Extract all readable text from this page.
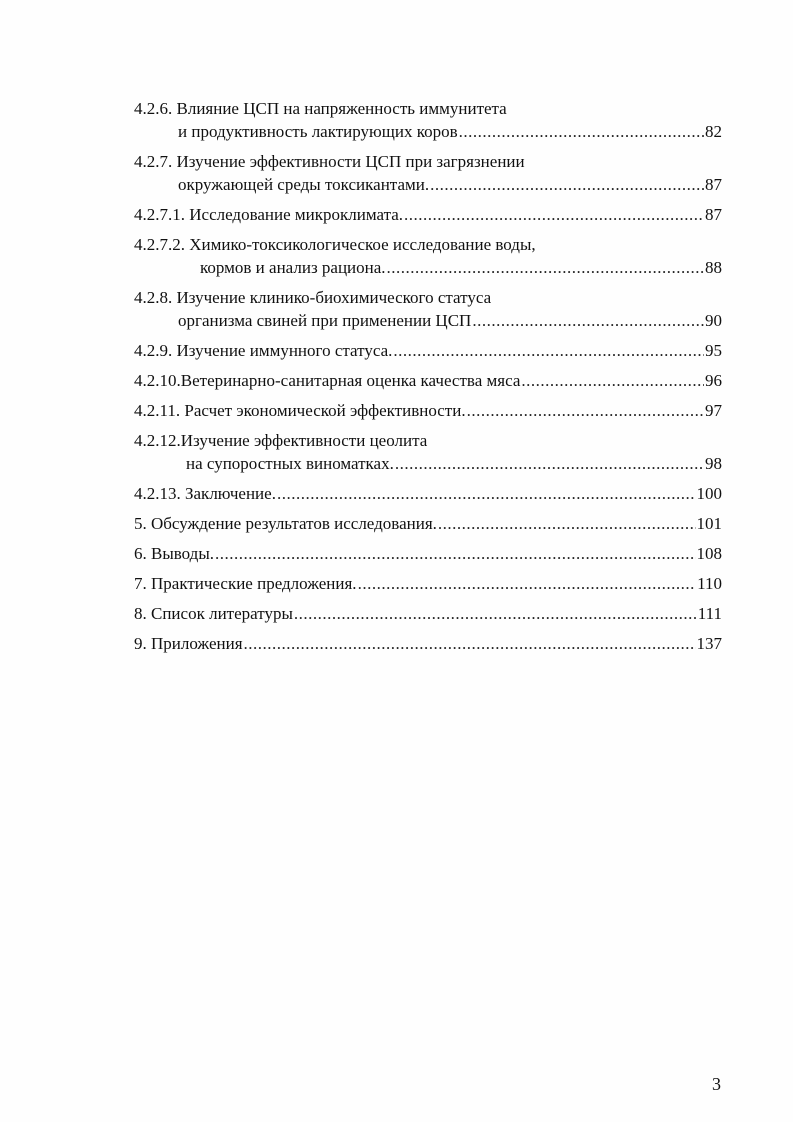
4.2.6. Влияние ЦСП на напряженность иммунитета
и продуктивность лактирующих коров .....	82
4.2.7. Изучение эффективности ЦСП при загрязнении
окружающей среды токсикантами. .....	87
4.2.7.1. Исследование микроклимата. .....	87
4.2.7.2. Химико-токсикологическое исследование воды,
кормов и анализ рациона. .....	88
4.2.8. Изучение клинико-биохимического статуса
организма свиней при применении ЦСП .....	90
4.2.9. Изучение иммунного статуса. .....	95
4.2.10.Ветеринарно-санитарная оценка качества мяса .....	96
4.2.11. Расчет экономической эффективности. .....	97
4.2.12.Изучение эффективности цеолита
на супоростных виноматках. .....	98
4.2.13. Заключение. .....	100
5. Обсуждение результатов исследования. .....	101
6. Выводы. .....	108
7. Практические предложения. .....	110
8. Список литературы .....	111
9. Приложения .....	137
3
